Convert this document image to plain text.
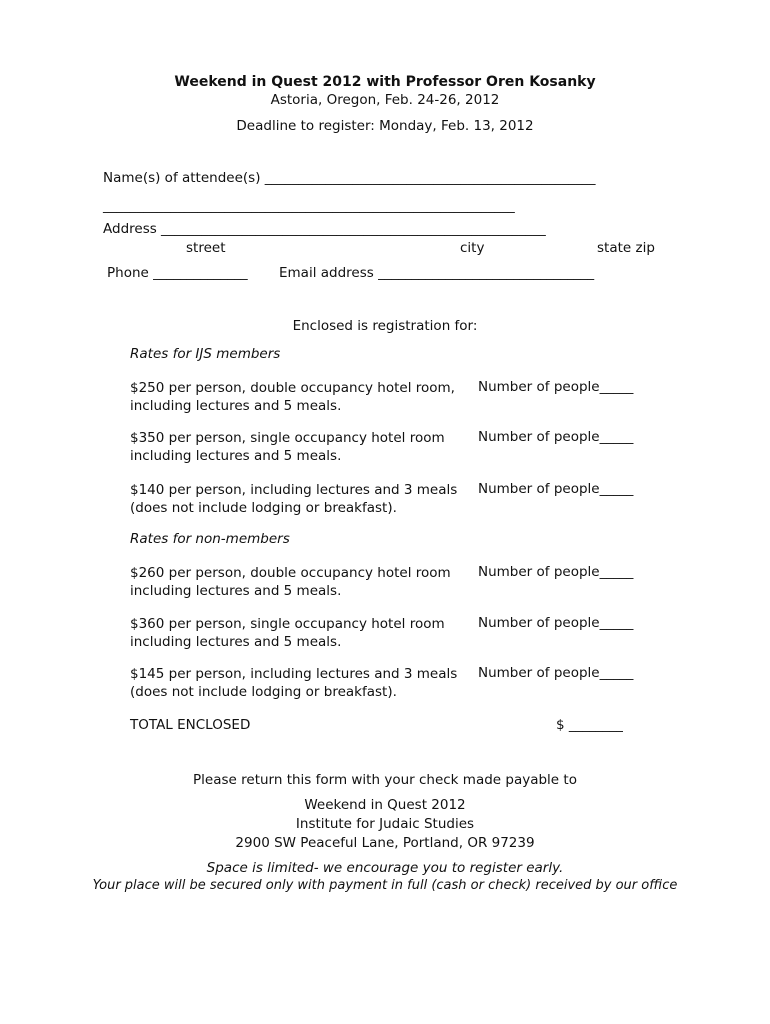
Weekend in Quest 2012 with Professor Oren Kosanky
Astoria, Oregon, Feb. 24-26, 2012
Deadline to register: Monday, Feb. 13, 2012
Name(s) of attendee(s) _________________________________________________
_____________________________________________________________
Address _________________________________________________________
street	city	state zip
Phone ______________ Email address ________________________________
Enclosed is registration for:
Rates for IJS members
$250 per person, double occupancy hotel room,
including lectures and 5 meals.
Number of people_____
$350 per person, single occupancy hotel room
including lectures and 5 meals.
Number of people_____
$140 per person, including lectures and 3 meals
(does not include lodging or breakfast).
Number of people_____
Rates for non-members
$260 per person, double occupancy hotel room
including lectures and 5 meals.
Number of people_____
$360 per person, single occupancy hotel room
including lectures and 5 meals.
Number of people_____
$145 per person, including lectures and 3 meals
(does not include lodging or breakfast).
Number of people_____
TOTAL ENCLOSED	$ ________
Please return this form with your check made payable to
Weekend in Quest 2012
Institute for Judaic Studies
2900 SW Peaceful Lane, Portland, OR 97239
Space is limited- we encourage you to register early.
Your place will be secured only with payment in full (cash or check) received by our office
